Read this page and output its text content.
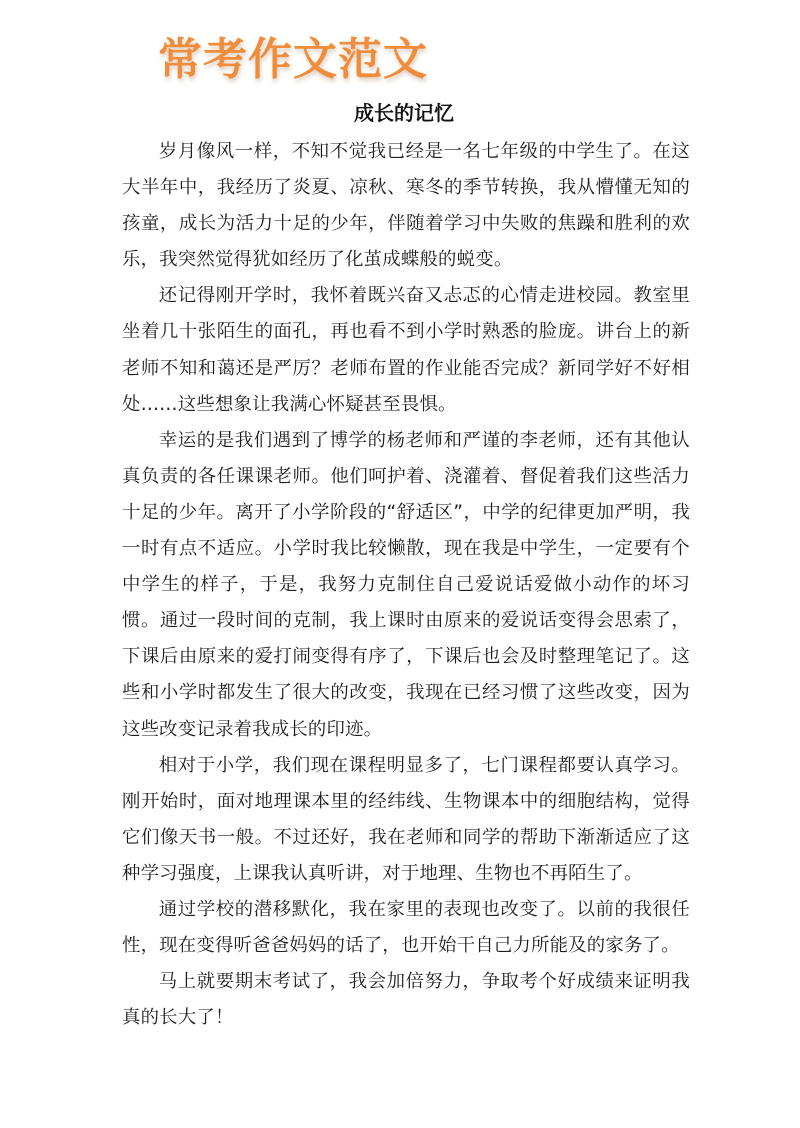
常考作文范文
成长的记忆

岁月像风一样，不知不觉我已经是一名七年级的中学生了。在这大半年中，我经历了炎夏、凉秋、寒冬的季节转换，我从懵懂无知的孩童，成长为活力十足的少年，伴随着学习中失败的焦躁和胜利的欢乐，我突然觉得犹如经历了化茧成蝶般的蜕变。

还记得刚开学时，我怀着既兴奋又忐忑的心情走进校园。教室里坐着几十张陌生的面孔，再也看不到小学时熟悉的脸庞。讲台上的新老师不知和蔼还是严厉？老师布置的作业能否完成？新同学好不好相处……这些想象让我满心怀疑甚至畏惧。

幸运的是我们遇到了博学的杨老师和严谨的李老师，还有其他认真负责的各任课课老师。他们呵护着、浇灌着、督促着我们这些活力十足的少年。离开了小学阶段的“舒适区”，中学的纪律更加严明，我一时有点不适应。小学时我比较懒散，现在我是中学生，一定要有个中学生的样子，于是，我努力克制住自己爱说话爱做小动作的坏习惯。通过一段时间的克制，我上课时由原来的爱说话变得会思索了，下课后由原来的爱打闹变得有序了，下课后也会及时整理笔记了。这些和小学时都发生了很大的改变，我现在已经习惯了这些改变，因为这些改变记录着我成长的印迹。

相对于小学，我们现在课程明显多了，七门课程都要认真学习。刚开始时，面对地理课本里的经纬线、生物课本中的细胞结构，觉得它们像天书一般。不过还好，我在老师和同学的帮助下渐渐适应了这种学习强度，上课我认真听讲，对于地理、生物也不再陌生了。

通过学校的潜移默化，我在家里的表现也改变了。以前的我很任性，现在变得听爸爸妈妈的话了，也开始干自己力所能及的家务了。

马上就要期末考试了，我会加倍努力，争取考个好成绩来证明我真的长大了！
